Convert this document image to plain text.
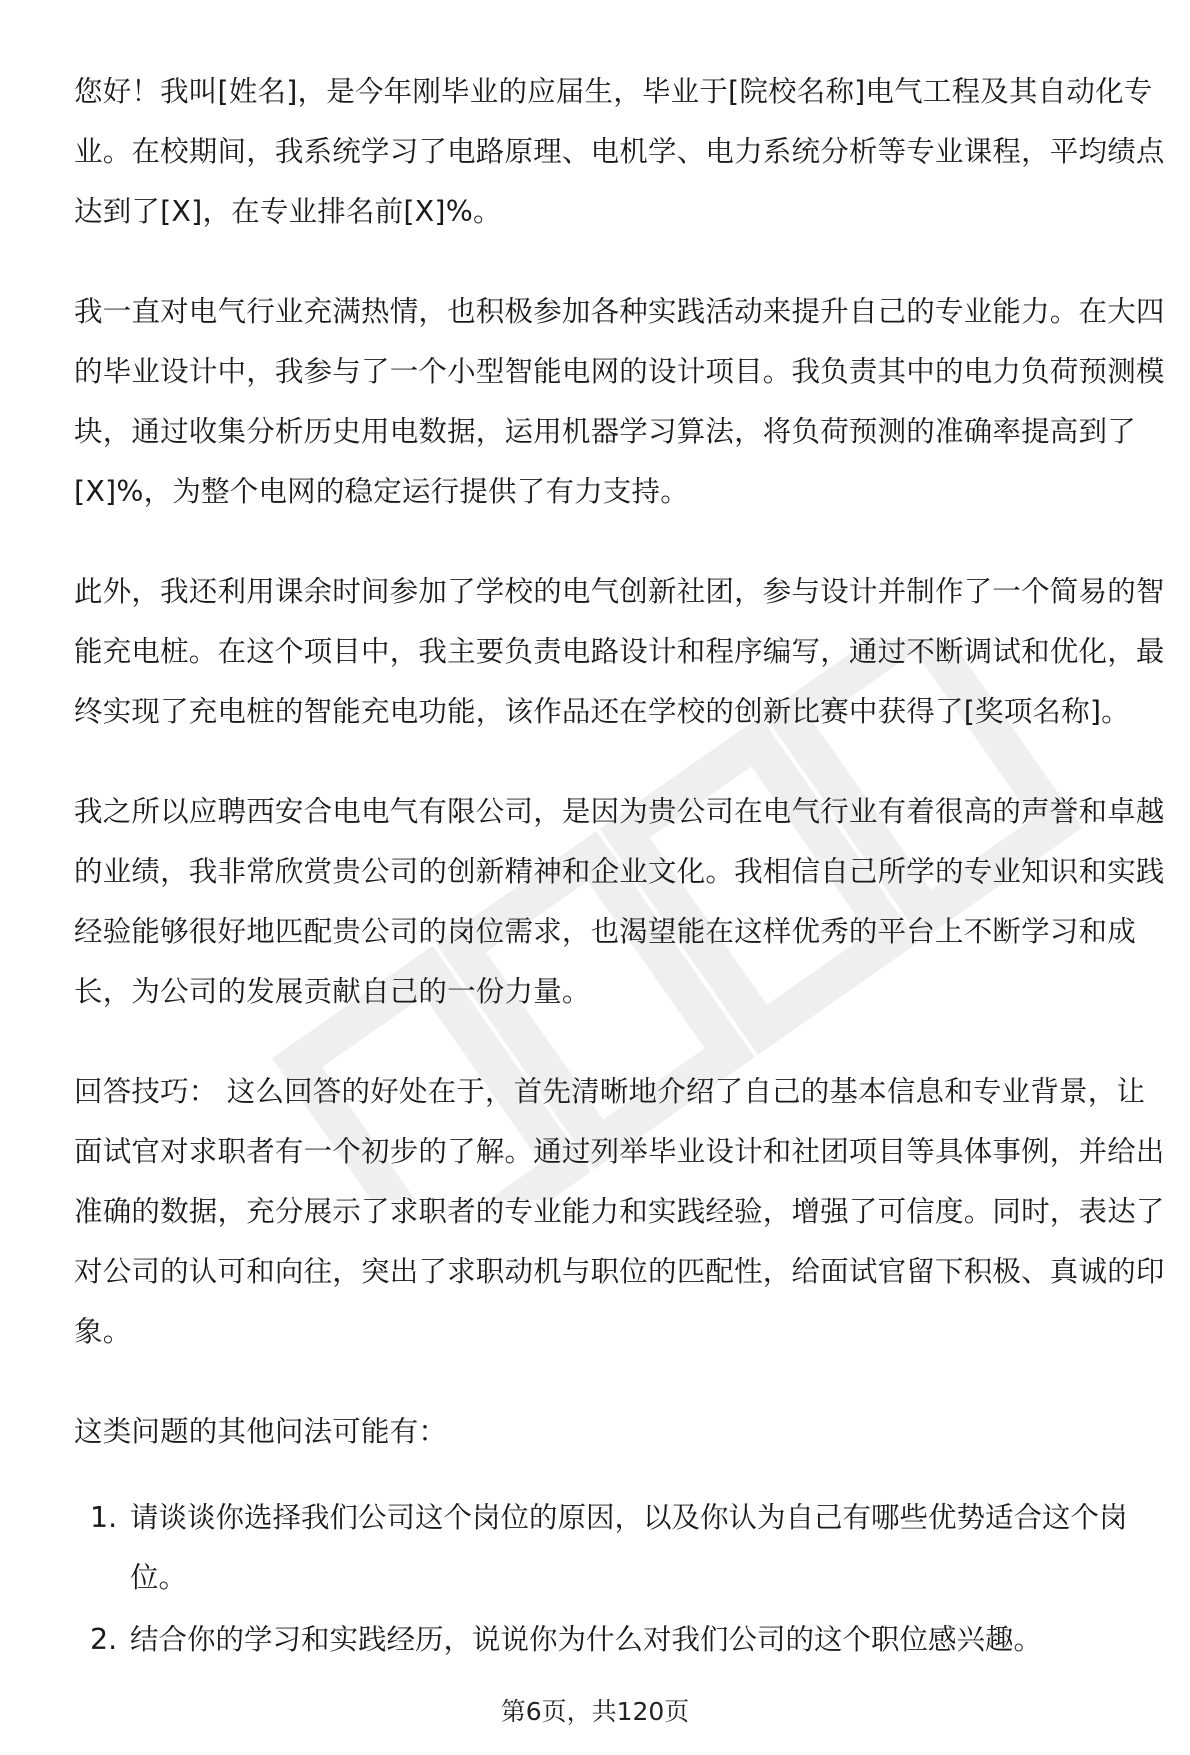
您好！我叫[姓名]，是今年刚毕业的应届生，毕业于[院校名称]电气工程及其自动化专业。在校期间，我系统学习了电路原理、电机学、电力系统分析等专业课程，平均绩点达到了[X]，在专业排名前[X]%。

我一直对电气行业充满热情，也积极参加各种实践活动来提升自己的专业能力。在大四的毕业设计中，我参与了一个小型智能电网的设计项目。我负责其中的电力负荷预测模块，通过收集分析历史用电数据，运用机器学习算法，将负荷预测的准确率提高到了[X]%，为整个电网的稳定运行提供了有力支持。

此外，我还利用课余时间参加了学校的电气创新社团，参与设计并制作了一个简易的智能充电桩。在这个项目中，我主要负责电路设计和程序编写，通过不断调试和优化，最终实现了充电桩的智能充电功能，该作品还在学校的创新比赛中获得了[奖项名称]。

我之所以应聘西安合电电气有限公司，是因为贵公司在电气行业有着很高的声誉和卓越的业绩，我非常欣赏贵公司的创新精神和企业文化。我相信自己所学的专业知识和实践经验能够很好地匹配贵公司的岗位需求，也渴望能在这样优秀的平台上不断学习和成长，为公司的发展贡献自己的一份力量。

回答技巧： 这么回答的好处在于，首先清晰地介绍了自己的基本信息和专业背景，让面试官对求职者有一个初步的了解。通过列举毕业设计和社团项目等具体事例，并给出准确的数据，充分展示了求职者的专业能力和实践经验，增强了可信度。同时，表达了对公司的认可和向往，突出了求职动机与职位的匹配性，给面试官留下积极、真诚的印象。

这类问题的其他问法可能有：

1. 请谈谈你选择我们公司这个岗位的原因，以及你认为自己有哪些优势适合这个岗位。
2. 结合你的学习和实践经历，说说你为什么对我们公司的这个职位感兴趣。
第6页，共120页
